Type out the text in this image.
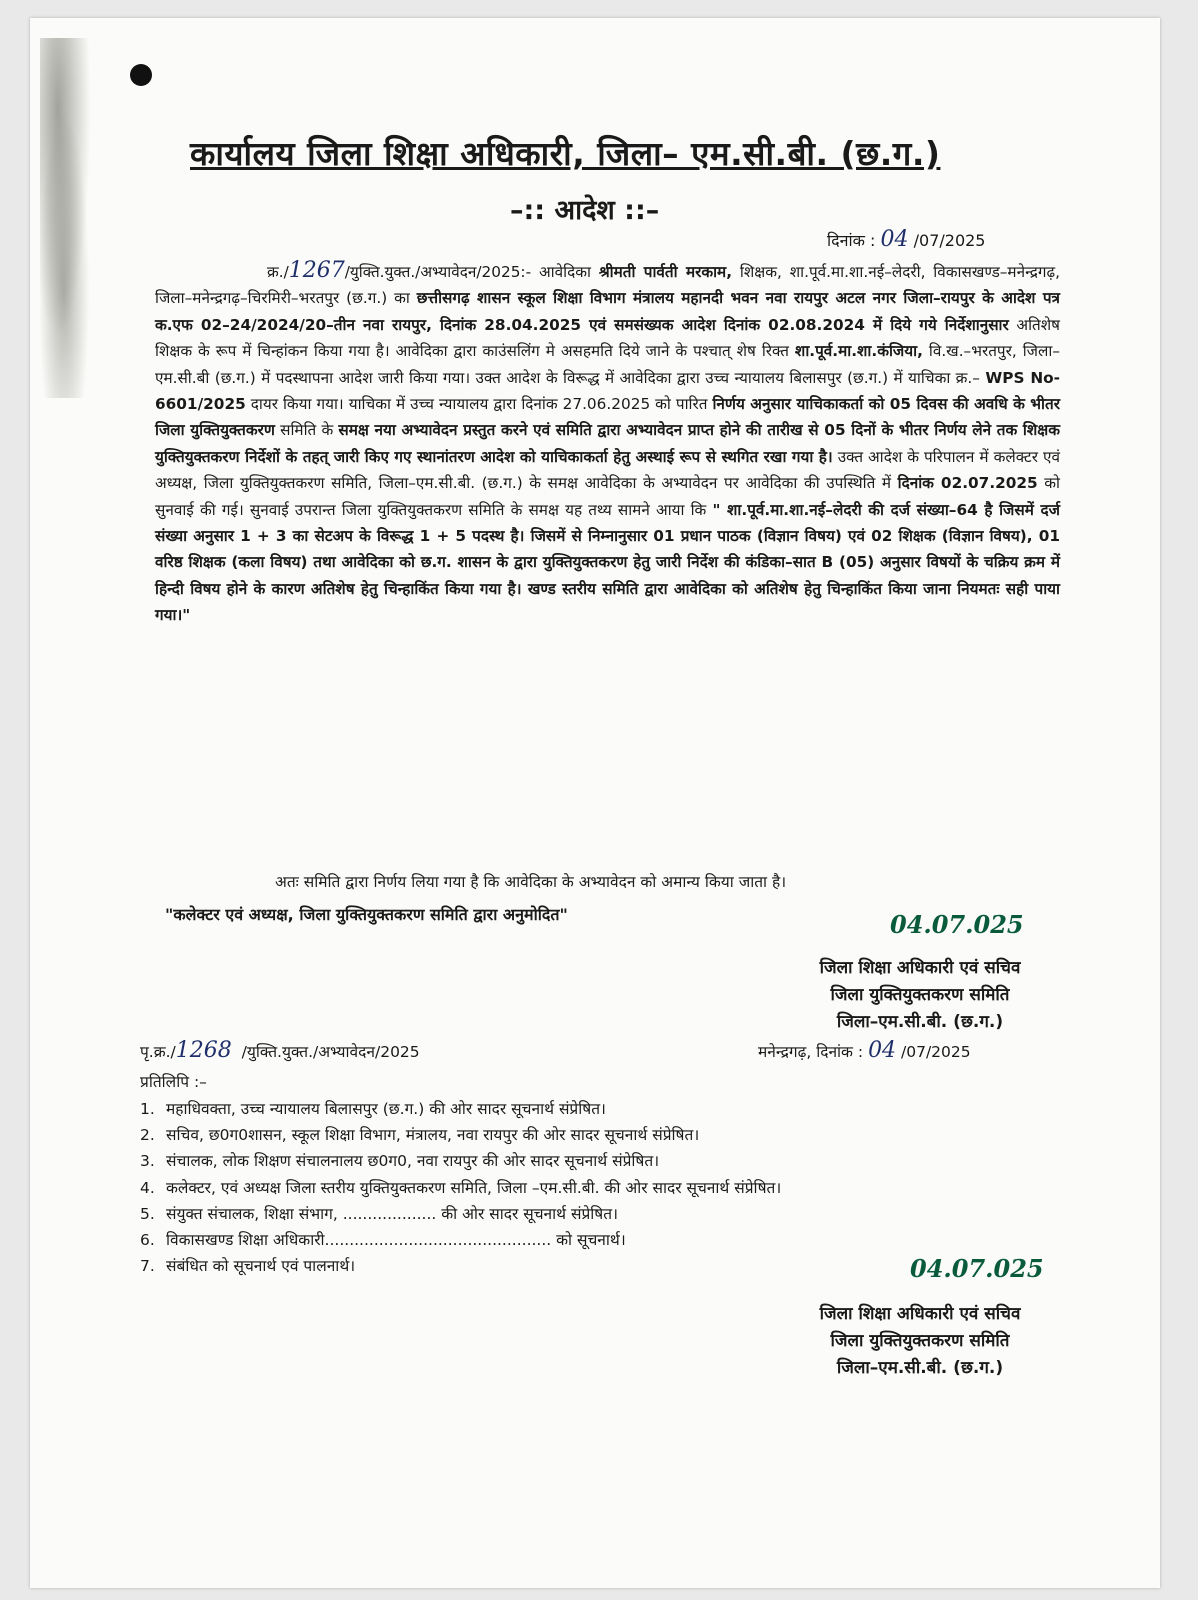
कार्यालय जिला शिक्षा अधिकारी, जिला– एम.सी.बी. (छ.ग.)
–:: आदेश ::–
दिनांक : 04 /07/2025
क्र./1267/युक्ति.युक्त./अभ्यावेदन/2025:- आवेदिका श्रीमती पार्वती मरकाम, शिक्षक, शा.पूर्व.मा.शा.नई–लेदरी, विकासखण्ड–मनेन्द्रगढ़, जिला–मनेन्द्रगढ़–चिरमिरी–भरतपुर (छ.ग.) का छत्तीसगढ़ शासन स्कूल शिक्षा विभाग मंत्रालय महानदी भवन नवा रायपुर अटल नगर जिला–रायपुर के आदेश पत्र क.एफ 02–24/2024/20–तीन नवा रायपुर, दिनांक 28.04.2025 एवं समसंख्यक आदेश दिनांक 02.08.2024 में दिये गये निर्देशानुसार अतिशेष शिक्षक के रूप में चिन्हांकन किया गया है। आवेदिका द्वारा काउंसलिंग मे असहमति दिये जाने के पश्चात् शेष रिक्त शा.पूर्व.मा.शा.कंजिया, वि.ख.–भरतपुर, जिला–एम.सी.बी (छ.ग.) में पदस्थापना आदेश जारी किया गया। उक्त आदेश के विरूद्ध में आवेदिका द्वारा उच्च न्यायालय बिलासपुर (छ.ग.) में याचिका क्र.– WPS No- 6601/2025 दायर किया गया। याचिका में उच्च न्यायालय द्वारा दिनांक 27.06.2025 को पारित निर्णय अनुसार याचिकाकर्ता को 05 दिवस की अवधि के भीतर जिला युक्तियुक्तकरण समिति के समक्ष नया अभ्यावेदन प्रस्तुत करने एवं समिति द्वारा अभ्यावेदन प्राप्त होने की तारीख से 05 दिनों के भीतर निर्णय लेने तक शिक्षक युक्तियुक्तकरण निर्देशों के तहत् जारी किए गए स्थानांतरण आदेश को याचिकाकर्ता हेतु अस्थाई रूप से स्थगित रखा गया है। उक्त आदेश के परिपालन में कलेक्टर एवं अध्यक्ष, जिला युक्तियुक्तकरण समिति, जिला–एम.सी.बी. (छ.ग.) के समक्ष आवेदिका के अभ्यावेदन पर आवेदिका की उपस्थिति में दिनांक 02.07.2025 को सुनवाई की गई। सुनवाई उपरान्त जिला युक्तियुक्तकरण समिति के समक्ष यह तथ्य सामने आया कि " शा.पूर्व.मा.शा.नई–लेदरी की दर्ज संख्या–64 है जिसमें दर्ज संख्या अनुसार 1 + 3 का सेटअप के विरूद्ध 1 + 5 पदस्थ है। जिसमें से निम्नानुसार 01 प्रधान पाठक (विज्ञान विषय) एवं 02 शिक्षक (विज्ञान विषय), 01 वरिष्ठ शिक्षक (कला विषय) तथा आवेदिका को छ.ग. शासन के द्वारा युक्तियुक्तकरण हेतु जारी निर्देश की कंडिका–सात B (05) अनुसार विषयों के चक्रिय क्रम में हिन्दी विषय होने के कारण अतिशेष हेतु चिन्हाकिंत किया गया है। खण्ड स्तरीय समिति द्वारा आवेदिका को अतिशेष हेतु चिन्हाकिंत किया जाना नियमतः सही पाया गया।"
अतः समिति द्वारा निर्णय लिया गया है कि आवेदिका के अभ्यावेदन को अमान्य किया जाता है।
"कलेक्टर एवं अध्यक्ष, जिला युक्तियुक्तकरण समिति द्वारा अनुमोदित"	04.07.025
जिला शिक्षा अधिकारी एवं सचिव
जिला युक्तियुक्तकरण समिति
जिला–एम.सी.बी. (छ.ग.)
पृ.क्र./1268 /युक्ति.युक्त./अभ्यावेदन/2025	मनेन्द्रगढ़, दिनांक : 04 /07/2025
प्रतिलिपि :–
1. महाधिवक्ता, उच्च न्यायालय बिलासपुर (छ.ग.) की ओर सादर सूचनार्थ संप्रेषित।
2. सचिव, छ0ग0शासन, स्कूल शिक्षा विभाग, मंत्रालय, नवा रायपुर की ओर सादर सूचनार्थ संप्रेषित।
3. संचालक, लोक शिक्षण संचालनालय छ0ग0, नवा रायपुर की ओर सादर सूचनार्थ संप्रेषित।
4. कलेक्टर, एवं अध्यक्ष जिला स्तरीय युक्तियुक्तकरण समिति, जिला –एम.सी.बी. की ओर सादर सूचनार्थ संप्रेषित।
5. संयुक्त संचालक, शिक्षा संभाग, ................... की ओर सादर सूचनार्थ संप्रेषित।
6. विकासखण्ड शिक्षा अधिकारी.............................................. को सूचनार्थ।
7. संबंधित को सूचनार्थ एवं पालनार्थ।	04.07.025
जिला शिक्षा अधिकारी एवं सचिव
जिला युक्तियुक्तकरण समिति
जिला–एम.सी.बी. (छ.ग.)
